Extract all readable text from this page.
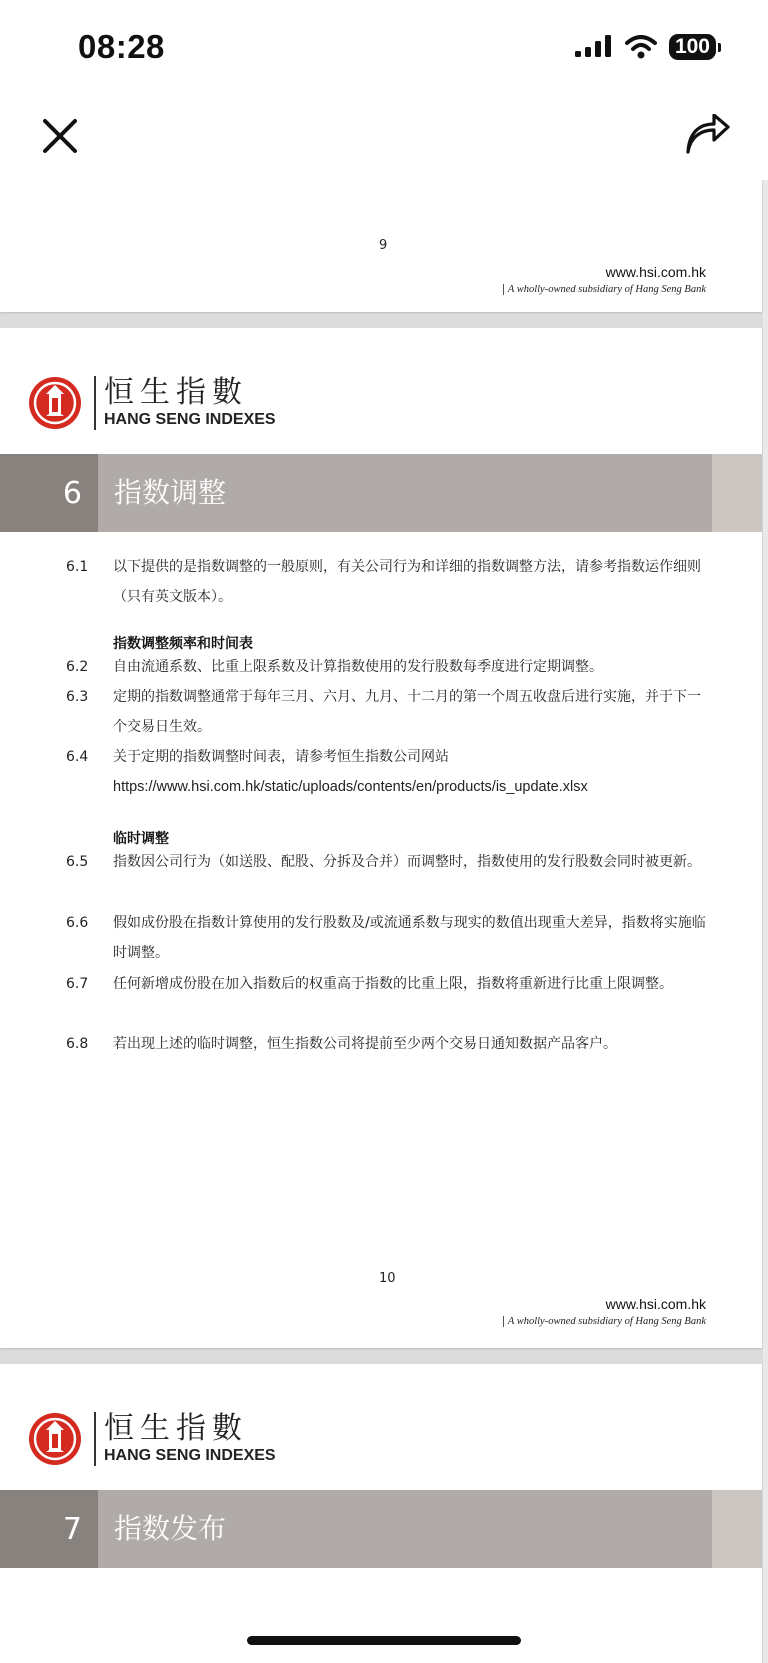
08:28	100
9
www.hsi.com.hk
A wholly-owned subsidiary of Hang Seng Bank
恒生指數
HANG SENG INDEXES
6	指数调整
6.1	以下提供的是指数调整的一般原则，有关公司行为和详细的指数调整方法，请参考指数运作细则（只有英文版本）。
指数调整频率和时间表
6.2	自由流通系数、比重上限系数及计算指数使用的发行股数每季度进行定期调整。
6.3	定期的指数调整通常于每年三月、六月、九月、十二月的第一个周五收盘后进行实施，并于下一个交易日生效。
6.4	关于定期的指数调整时间表，请参考恒生指数公司网站
https://www.hsi.com.hk/static/uploads/contents/en/products/is_update.xlsx
临时调整
6.5	指数因公司行为（如送股、配股、分拆及合并）而调整时，指数使用的发行股数会同时被更新。
6.6	假如成份股在指数计算使用的发行股数及/或流通系数与现实的数值出现重大差异，指数将实施临时调整。
6.7	任何新增成份股在加入指数后的权重高于指数的比重上限，指数将重新进行比重上限调整。
6.8	若出现上述的临时调整，恒生指数公司将提前至少两个交易日通知数据产品客户。
10
www.hsi.com.hk
A wholly-owned subsidiary of Hang Seng Bank
恒生指數
HANG SENG INDEXES
7	指数发布
